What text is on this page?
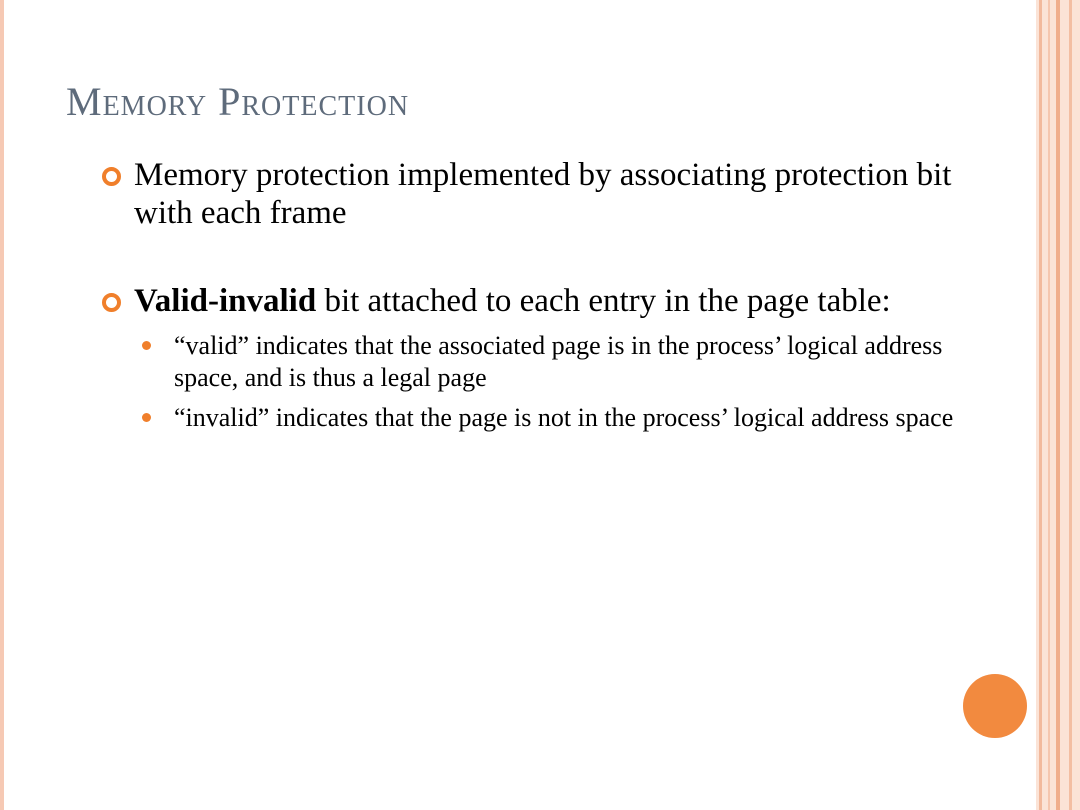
Memory Protection
Memory protection implemented by associating protection bit with each frame
Valid-invalid bit attached to each entry in the page table:
“valid” indicates that the associated page is in the process’ logical address space, and is thus a legal page
“invalid” indicates that the page is not in the process’ logical address space
